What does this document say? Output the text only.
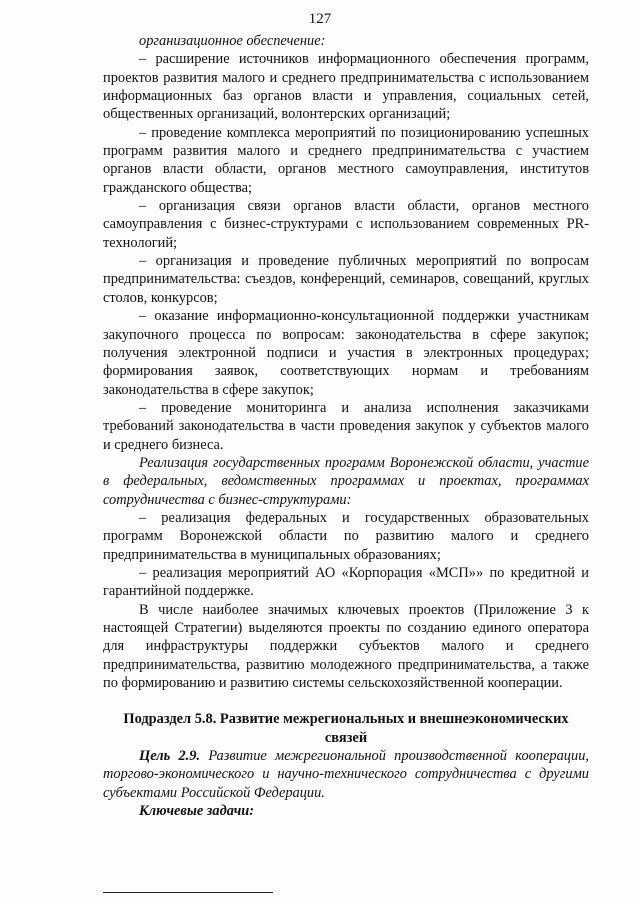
127

организационное обеспечение:

– расширение источников информационного обеспечения программ, проектов развития малого и среднего предпринимательства с использованием информационных баз органов власти и управления, социальных сетей, общественных организаций, волонтерских организаций;

– проведение комплекса мероприятий по позиционированию успешных программ развития малого и среднего предпринимательства с участием органов власти области, органов местного самоуправления, институтов гражданского общества;

– организация связи органов власти области, органов местного самоуправления с бизнес-структурами с использованием современных PR-технологий;

– организация и проведение публичных мероприятий по вопросам предпринимательства: съездов, конференций, семинаров, совещаний, круглых столов, конкурсов;

– оказание информационно-консультационной поддержки участникам закупочного процесса по вопросам: законодательства в сфере закупок; получения электронной подписи и участия в электронных процедурах; формирования заявок, соответствующих нормам и требованиям законодательства в сфере закупок;

– проведение мониторинга и анализа исполнения заказчиками требований законодательства в части проведения закупок у субъектов малого и среднего бизнеса.

Реализация государственных программ Воронежской области, участие в федеральных, ведомственных программах и проектах, программах сотрудничества с бизнес-структурами:

– реализация федеральных и государственных образовательных программ Воронежской области по развитию малого и среднего предпринимательства в муниципальных образованиях;

– реализация мероприятий АО «Корпорация «МСП»» по кредитной и гарантийной поддержке.

В числе наиболее значимых ключевых проектов (Приложение 3 к настоящей Стратегии) выделяются проекты по созданию единого оператора для инфраструктуры поддержки субъектов малого и среднего предпринимательства, развитию молодежного предпринимательства, а также по формированию и развитию системы сельскохозяйственной кооперации.

Подраздел 5.8. Развитие межрегиональных и внешнеэкономических связей

Цель 2.9. Развитие межрегиональной производственной кооперации, торгово-экономического и научно-технического сотрудничества с другими субъектами Российской Федерации.

Ключевые задачи:
